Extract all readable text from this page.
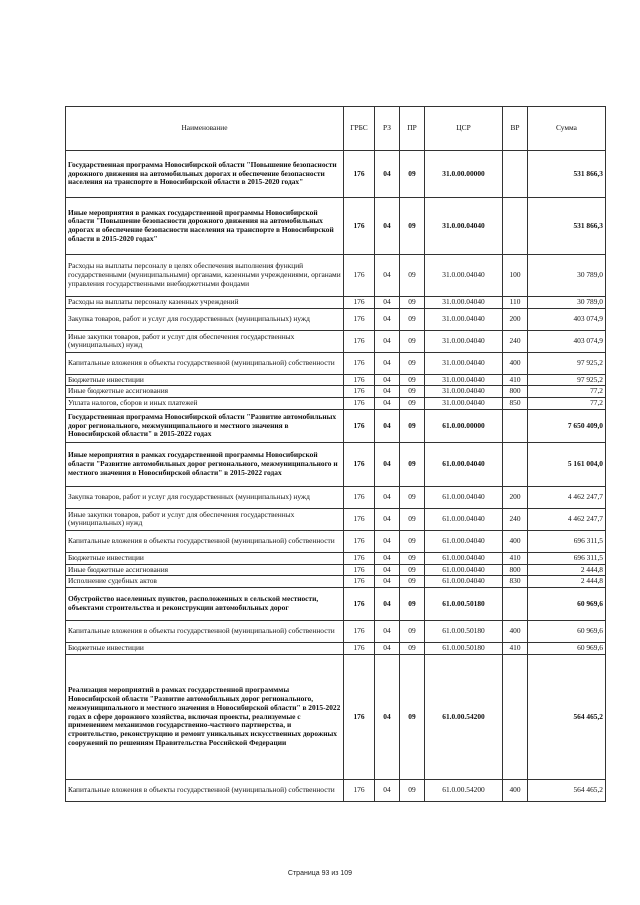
Наименование	ГРБС	РЗ	ПР	ЦСР	ВР	Сумма
Государственная программа Новосибирской области "Повышение безопасности дорожного движения на автомобильных дорогах и обеспечение безопасности населения на транспорте в Новосибирской области в 2015-2020 годах"	176	04	09	31.0.00.00000		531 866,3
Иные мероприятия в рамках государственной программы Новосибирской области "Повышение безопасности дорожного движения на автомобильных дорогах и обеспечение безопасности населения на транспорте в Новосибирской области в 2015-2020 годах"	176	04	09	31.0.00.04040		531 866,3
Расходы на выплаты персоналу в целях обеспечения выполнения функций государственными (муниципальными) органами, казенными учреждениями, органами управления государственными внебюджетными фондами	176	04	09	31.0.00.04040	100	30 789,0
Расходы на выплаты персоналу казенных учреждений	176	04	09	31.0.00.04040	110	30 789,0
Закупка товаров, работ и услуг для государственных (муниципальных) нужд	176	04	09	31.0.00.04040	200	403 074,9
Иные закупки товаров, работ и услуг для обеспечения государственных (муниципальных) нужд	176	04	09	31.0.00.04040	240	403 074,9
Капитальные вложения в объекты государственной (муниципальной) собственности	176	04	09	31.0.00.04040	400	97 925,2
Бюджетные инвестиции	176	04	09	31.0.00.04040	410	97 925,2
Иные бюджетные ассигнования	176	04	09	31.0.00.04040	800	77,2
Уплата налогов, сборов и иных платежей	176	04	09	31.0.00.04040	850	77,2
Государственная программа Новосибирской области "Развитие автомобильных дорог регионального, межмуниципального и местного значения в Новосибирской области" в 2015-2022 годах	176	04	09	61.0.00.00000		7 650 409,0
Иные мероприятия в рамках государственной программы Новосибирской области "Развитие автомобильных дорог регионального, межмуниципального и местного значения в Новосибирской области" в 2015-2022 годах	176	04	09	61.0.00.04040		5 161 004,0
Закупка товаров, работ и услуг для государственных (муниципальных) нужд	176	04	09	61.0.00.04040	200	4 462 247,7
Иные закупки товаров, работ и услуг для обеспечения государственных (муниципальных) нужд	176	04	09	61.0.00.04040	240	4 462 247,7
Капитальные вложения в объекты государственной (муниципальной) собственности	176	04	09	61.0.00.04040	400	696 311,5
Бюджетные инвестиции	176	04	09	61.0.00.04040	410	696 311,5
Иные бюджетные ассигнования	176	04	09	61.0.00.04040	800	2 444,8
Исполнение судебных актов	176	04	09	61.0.00.04040	830	2 444,8
Обустройство населенных пунктов, расположенных в сельской местности, объектами строительства и реконструкции автомобильных дорог	176	04	09	61.0.00.50180		60 969,6
Капитальные вложения в объекты государственной (муниципальной) собственности	176	04	09	61.0.00.50180	400	60 969,6
Бюджетные инвестиции	176	04	09	61.0.00.50180	410	60 969,6
Реализация мероприятий в рамках государственной программмы Новосибирской области "Развитие автомобильных дорог регионального, межмуниципального и местного значения в Новосибирской области" в 2015-2022 годах в сфере дорожного хозяйства, включая проекты, реализуемые с применением механизмов государственно-частного партнерства, и строительство, реконструкцию и ремонт уникальных искусственных дорожных сооружений по решениям Правительства Российской Федерации	176	04	09	61.0.00.54200		564 465,2
Капитальные вложения в объекты государственной (муниципальной) собственности	176	04	09	61.0.00.54200	400	564 465,2
Страница 93 из 109
